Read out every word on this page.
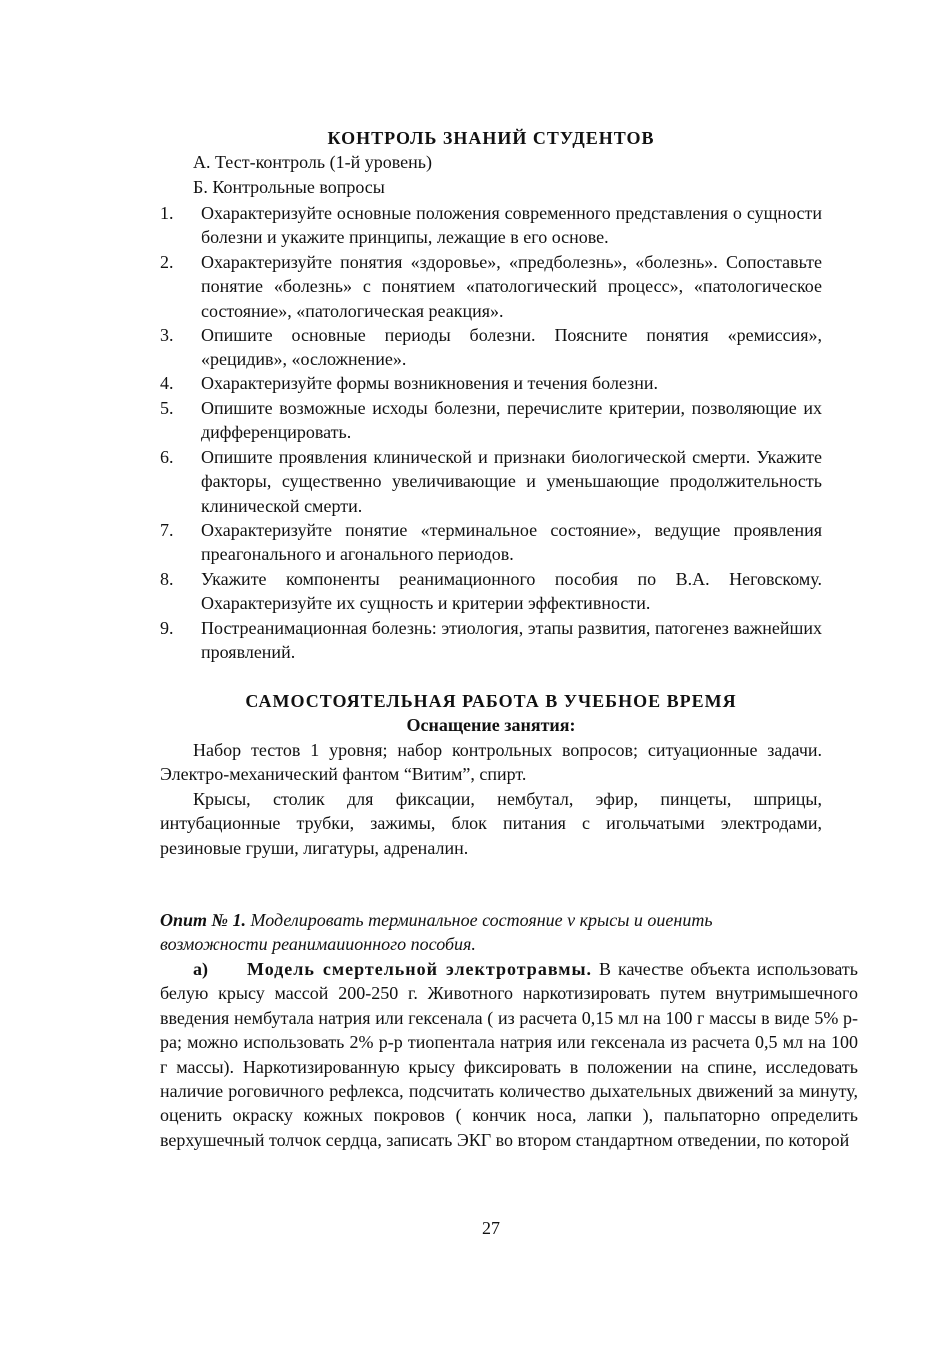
КОНТРОЛЬ ЗНАНИЙ СТУДЕНТОВ
А. Тест-контроль (1-й уровень)
Б. Контрольные вопросы
1. Охарактеризуйте основные положения современного представления о сущности болезни и укажите принципы, лежащие в его основе.
2. Охарактеризуйте понятия «здоровье», «предболезнь», «болезнь». Сопоставьте понятие «болезнь» с понятием «патологический процесс», «патологическое состояние», «патологическая реакция».
3. Опишите основные периоды болезни. Поясните понятия «ремиссия», «рецидив», «осложнение».
4. Охарактеризуйте формы возникновения и течения болезни.
5. Опишите возможные исходы болезни, перечислите критерии, позволяющие их дифференцировать.
6. Опишите проявления клинической и признаки биологической смерти. Укажите факторы, существенно увеличивающие и уменьшающие продолжительность клинической смерти.
7. Охарактеризуйте понятие «терминальное состояние», ведущие проявления преагонального и агонального периодов.
8. Укажите компоненты реанимационного пособия по В.А. Неговскому. Охарактеризуйте их сущность и критерии эффективности.
9. Постреанимационная болезнь: этиология, этапы развития, патогенез важнейших проявлений.
САМОСТОЯТЕЛЬНАЯ РАБОТА В УЧЕБНОЕ ВРЕМЯ
Оснащение занятия:
Набор тестов 1 уровня; набор контрольных вопросов; ситуационные задачи. Электро-механический фантом “Витим”, спирт.
Крысы, столик для фиксации, нембутал, эфир, пинцеты, шприцы, интубационные трубки, зажимы, блок питания с игольчатыми электродами, резиновые груши, лигатуры, адреналин.
Опит № 1. Моделировать терминальное состояние v крысы и оиенить возможности реанимаиионного пособия.
а) Модель смертельной электротравмы. В качестве объекта использовать белую крысу массой 200-250 г. Животного наркотизировать путем внутримышечного введения нембутала натрия или гексенала ( из расчета 0,15 мл на 100 г массы в виде 5% р-ра; можно использовать 2% р-р тиопентала натрия или гексенала из расчета 0,5 мл на 100 г массы). Наркотизированную крысу фиксировать в положении на спине, исследовать наличие роговичного рефлекса, подсчитать количество дыхательных движений за минуту, оценить окраску кожных покровов ( кончик носа, лапки ), пальпаторно определить верхушечный толчок сердца, записать ЭКГ во втором стандартном отведении, по которой
27
